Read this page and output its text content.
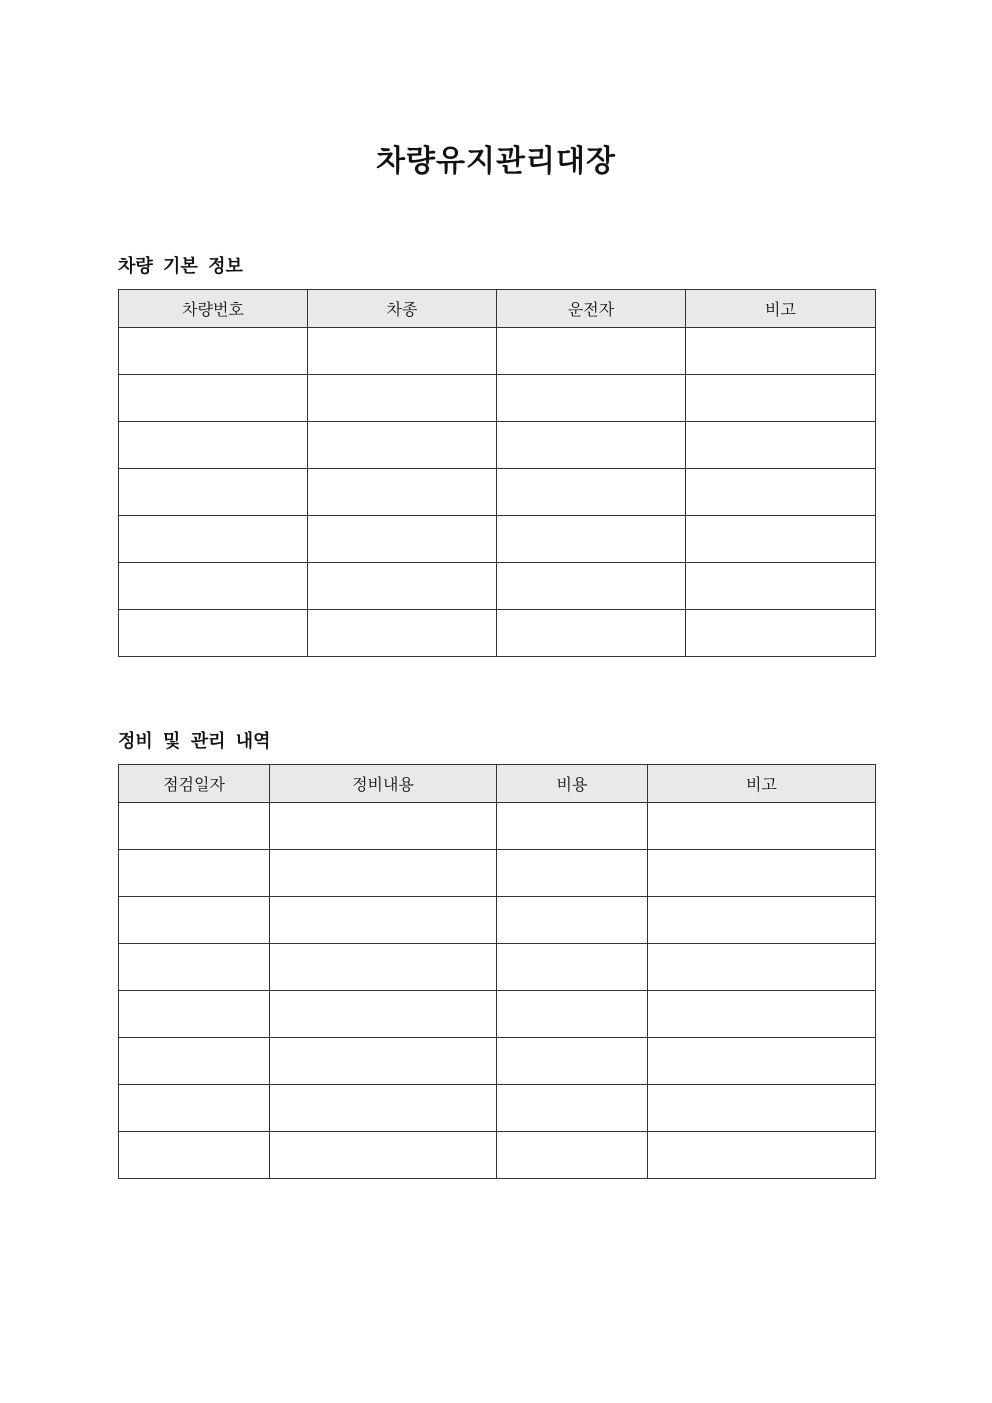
차량유지관리대장
차량 기본 정보
차량번호	차종	운전자	비고

정비 및 관리 내역
점검일자	정비내용	비용	비고
